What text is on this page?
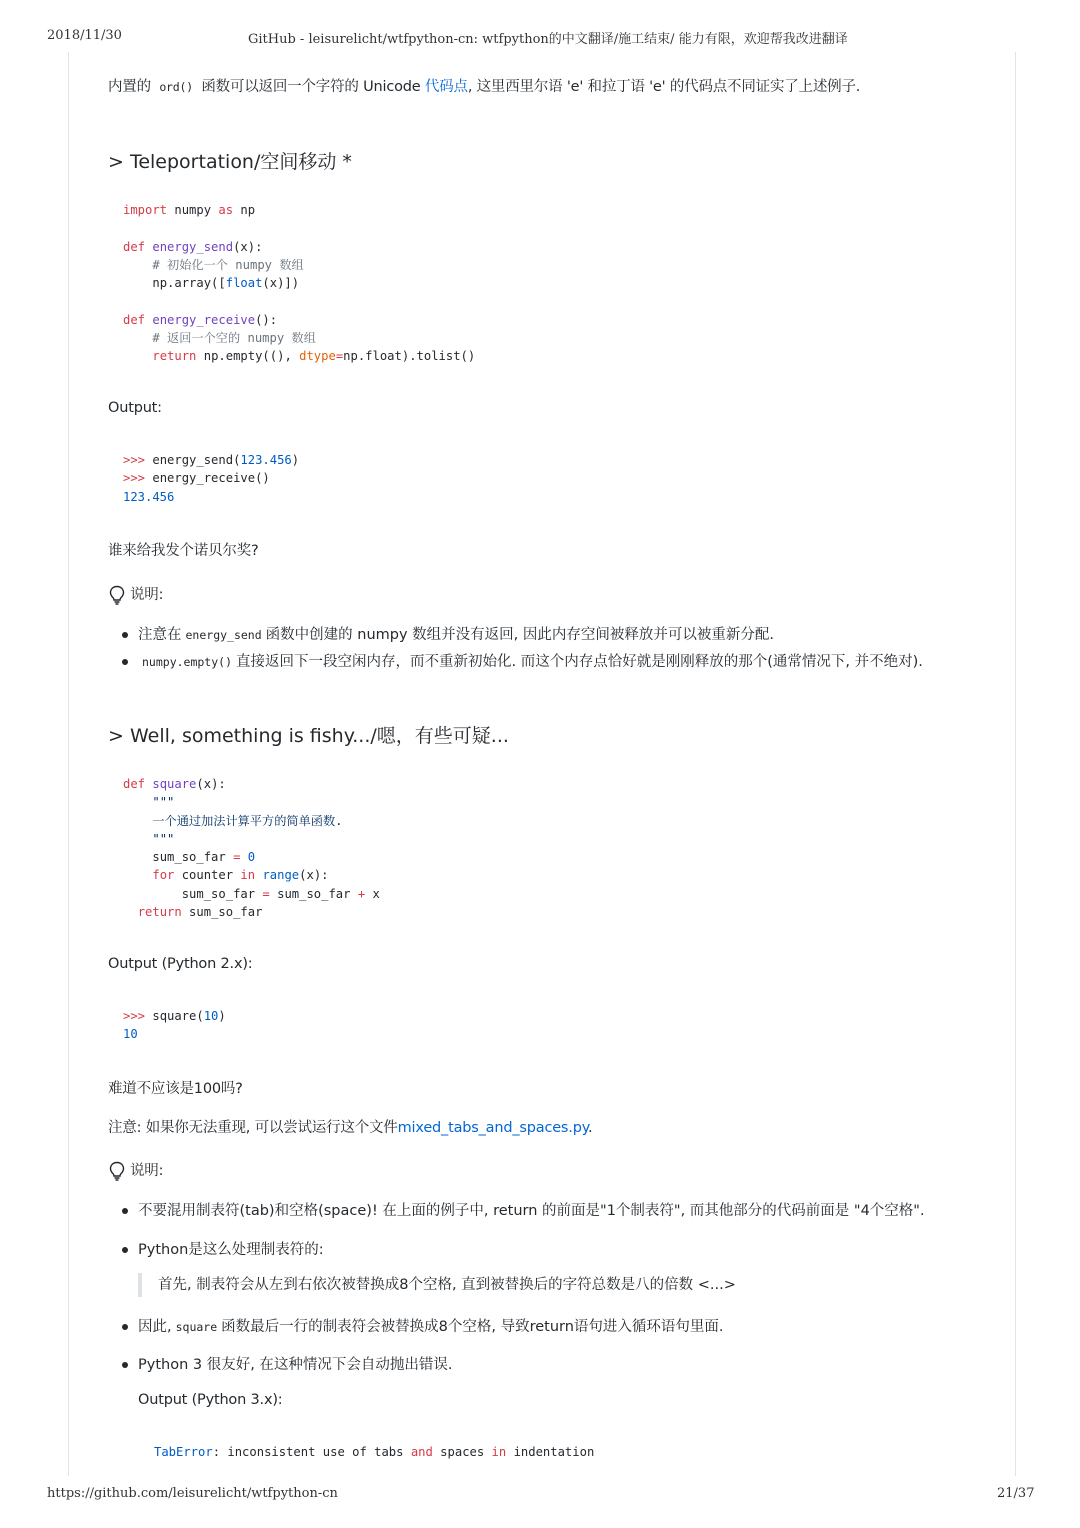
2018/11/30	GitHub - leisurelicht/wtfpython-cn: wtfpython的中文翻译/施工结束/ 能力有限，欢迎帮我改进翻译
https://github.com/leisurelicht/wtfpython-cn	21/37
内置的 ord() 函数可以返回一个字符的 Unicode 代码点, 这里西里尔语 'e' 和拉丁语 'e' 的代码点不同证实了上述例子.
> Teleportation/空间移动 *
import numpy as np

def energy_send(x):
# 初始化一个 numpy 数组
np.array([float(x)])

def energy_receive():
# 返回一个空的 numpy 数组
return np.empty((), dtype=np.float).tolist()
Output:
>>> energy_send(123.456)
>>> energy_receive()
123.456
谁来给我发个诺贝尔奖?
说明:
注意在 energy_send 函数中创建的 numpy 数组并没有返回, 因此内存空间被释放并可以被重新分配.
numpy.empty() 直接返回下一段空闲内存，而不重新初始化. 而这个内存点恰好就是刚刚释放的那个(通常情况下, 并不绝对).
> Well, something is fishy.../嗯，有些可疑...
def square(x):
"""
一个通过加法计算平方的简单函数.
"""
sum_so_far = 0
for counter in range(x):
sum_so_far = sum_so_far + x
return sum_so_far
Output (Python 2.x):
>>> square(10)
10
难道不应该是100吗?
注意: 如果你无法重现, 可以尝试运行这个文件mixed_tabs_and_spaces.py.
说明:
不要混用制表符(tab)和空格(space)! 在上面的例子中, return 的前面是"1个制表符", 而其他部分的代码前面是 "4个空格".
Python是这么处理制表符的:
首先, 制表符会从左到右依次被替换成8个空格, 直到被替换后的字符总数是八的倍数 <...>
因此, square 函数最后一行的制表符会被替换成8个空格, 导致return语句进入循环语句里面.
Python 3 很友好, 在这种情况下会自动抛出错误.
Output (Python 3.x):
TabError: inconsistent use of tabs and spaces in indentation
